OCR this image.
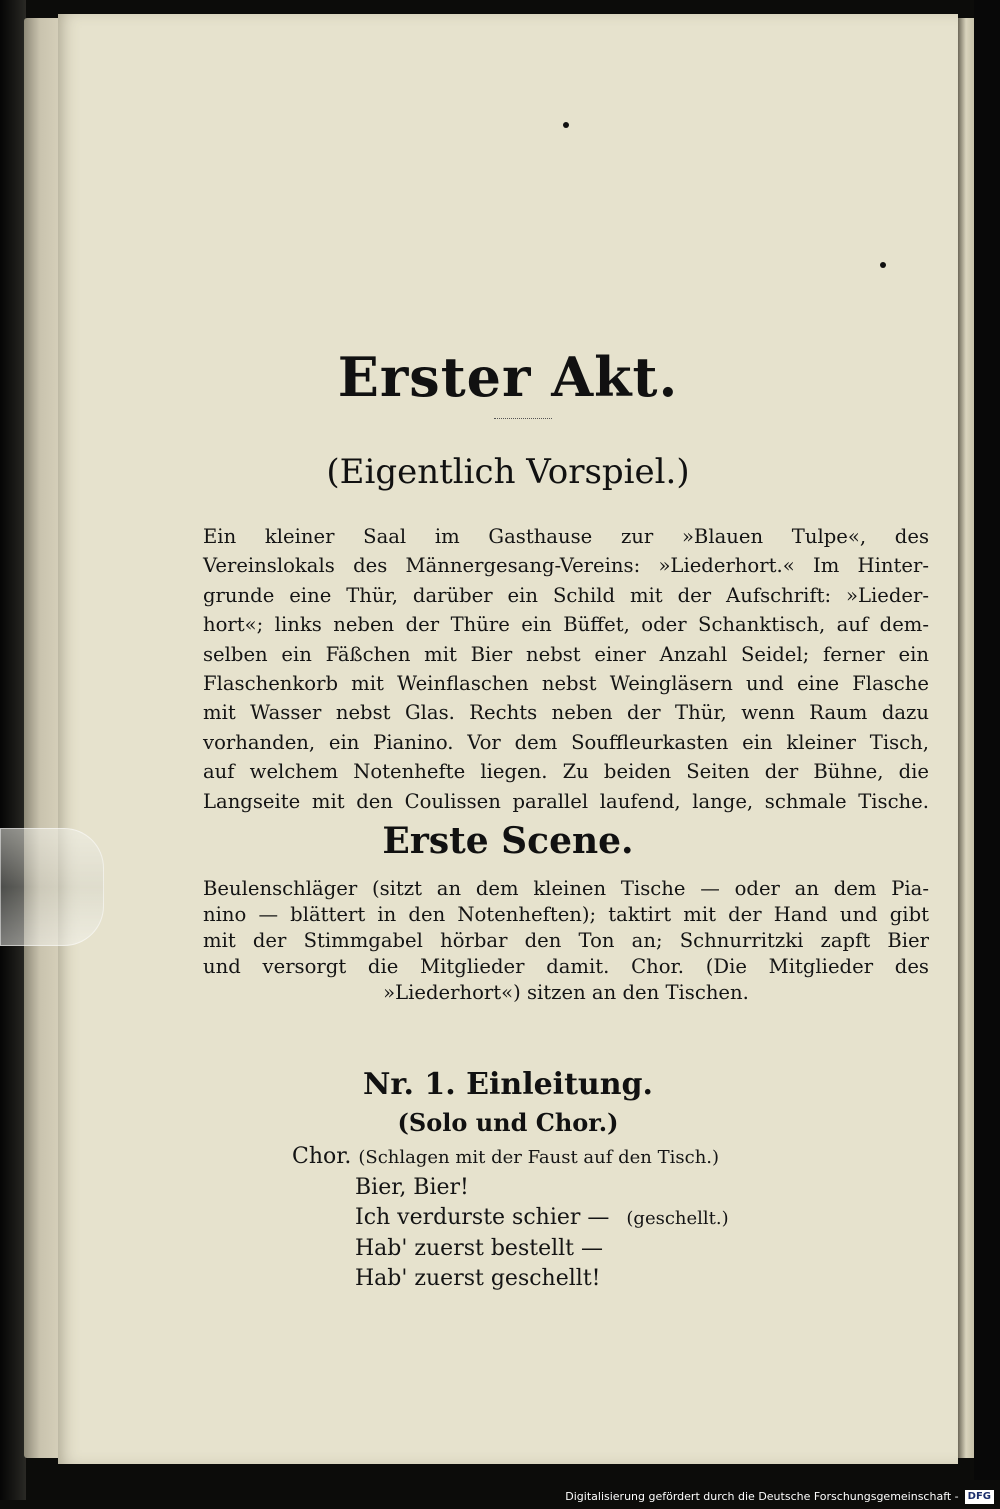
Erster Akt.
(Eigentlich Vorspiel.)
Ein kleiner Saal im Gasthause zur »Blauen Tulpe«, des
Vereinslokals des Männergesang-Vereins: »Liederhort.« Im Hinter-
grunde eine Thür, darüber ein Schild mit der Aufschrift: »Lieder-
hort«; links neben der Thüre ein Büffet, oder Schanktisch, auf dem-
selben ein Fäßchen mit Bier nebst einer Anzahl Seidel; ferner ein
Flaschenkorb mit Weinflaschen nebst Weingläsern und eine Flasche
mit Wasser nebst Glas. Rechts neben der Thür, wenn Raum dazu
vorhanden, ein Pianino. Vor dem Souffleurkasten ein kleiner Tisch,
auf welchem Notenhefte liegen. Zu beiden Seiten der Bühne, die
Langseite mit den Coulissen parallel laufend, lange, schmale Tische.
Erste Scene.
Beulenschläger (sitzt an dem kleinen Tische — oder an dem Pia-
nino — blättert in den Notenheften); taktirt mit der Hand und gibt
mit der Stimmgabel hörbar den Ton an; Schnurritzki zapft Bier
und versorgt die Mitglieder damit. Chor. (Die Mitglieder des
»Liederhort«) sitzen an den Tischen.
Nr. 1. Einleitung.
(Solo und Chor.)
Chor. (Schlagen mit der Faust auf den Tisch.)
Bier, Bier!
Ich verdurste schier — (geschellt.)
Hab' zuerst bestellt —
Hab' zuerst geschellt!
Digitalisierung gefördert durch die Deutsche Forschungsgemeinschaft - DFG
